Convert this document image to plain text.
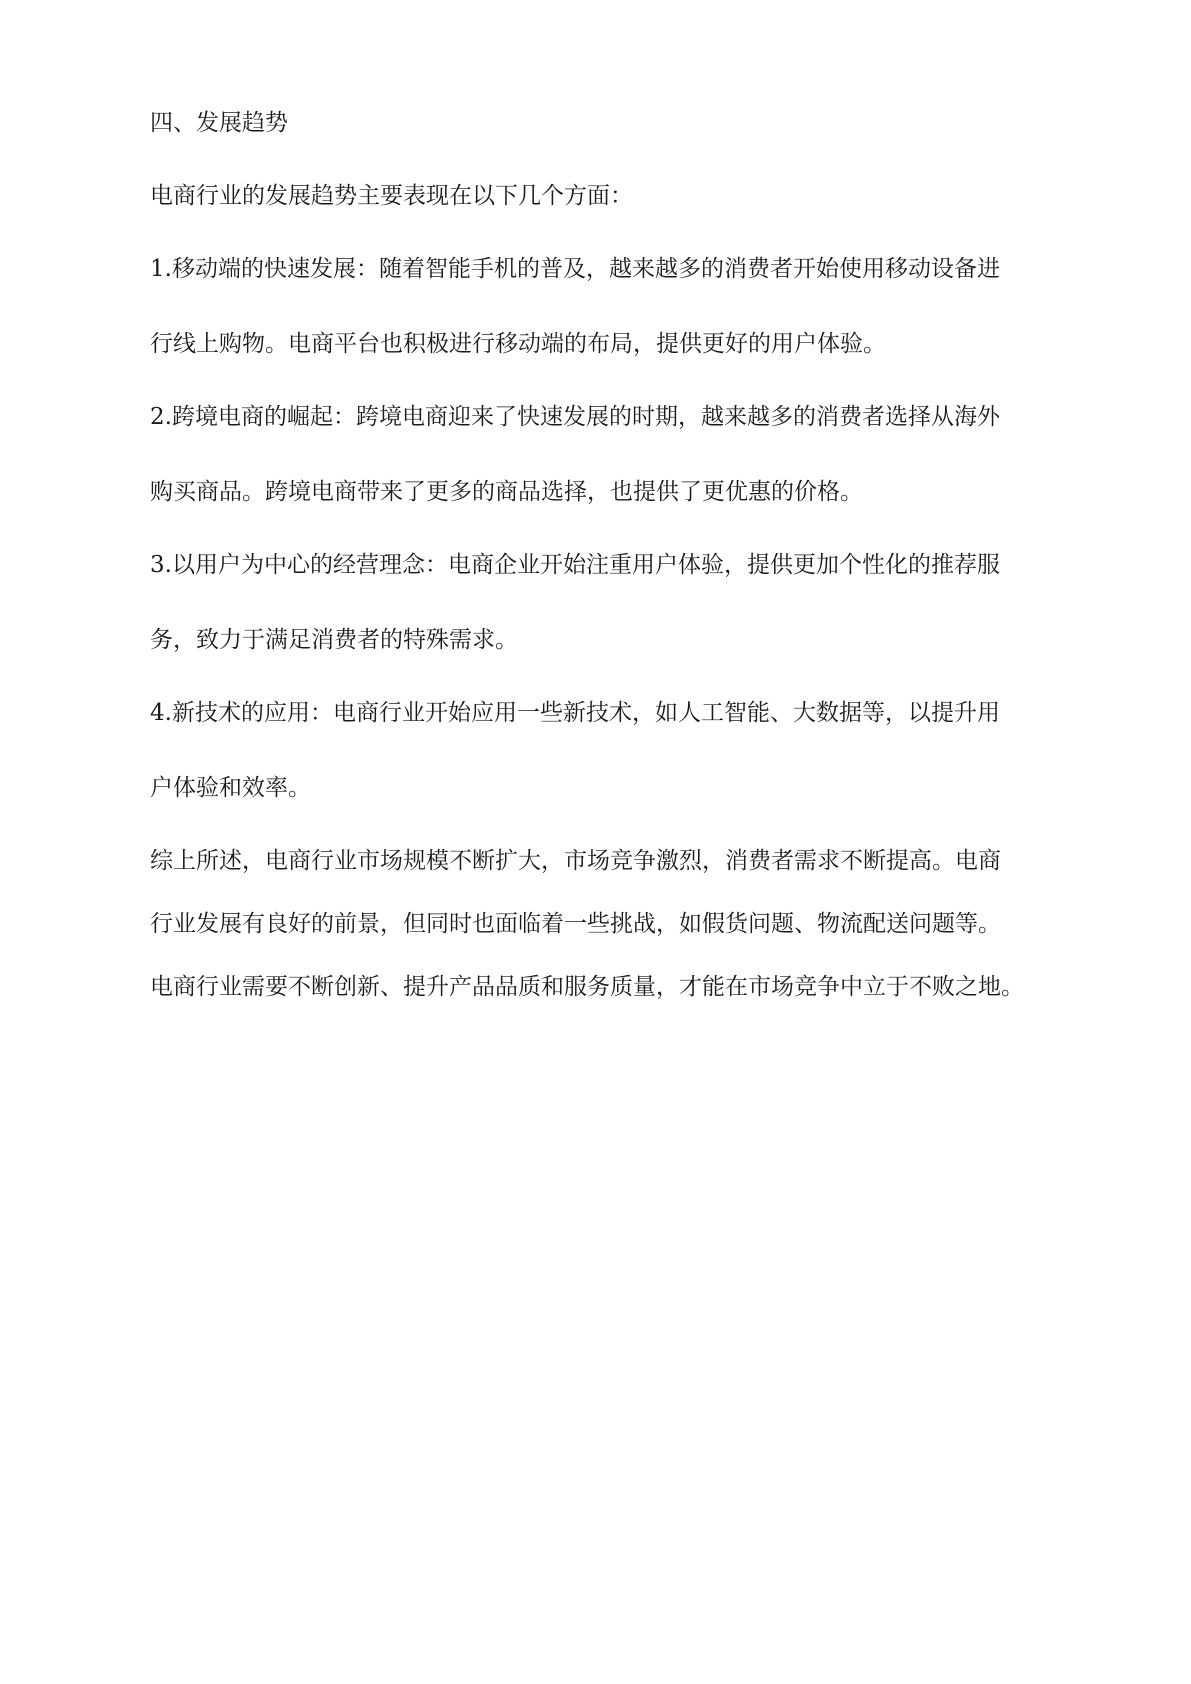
四、发展趋势
电商行业的发展趋势主要表现在以下几个方面：
1.移动端的快速发展：随着智能手机的普及，越来越多的消费者开始使用移动设备进
行线上购物。电商平台也积极进行移动端的布局，提供更好的用户体验。
2.跨境电商的崛起：跨境电商迎来了快速发展的时期，越来越多的消费者选择从海外
购买商品。跨境电商带来了更多的商品选择，也提供了更优惠的价格。
3.以用户为中心的经营理念：电商企业开始注重用户体验，提供更加个性化的推荐服
务，致力于满足消费者的特殊需求。
4.新技术的应用：电商行业开始应用一些新技术，如人工智能、大数据等，以提升用
户体验和效率。
综上所述，电商行业市场规模不断扩大，市场竞争激烈，消费者需求不断提高。电商
行业发展有良好的前景，但同时也面临着一些挑战，如假货问题、物流配送问题等。
电商行业需要不断创新、提升产品品质和服务质量，才能在市场竞争中立于不败之地。
